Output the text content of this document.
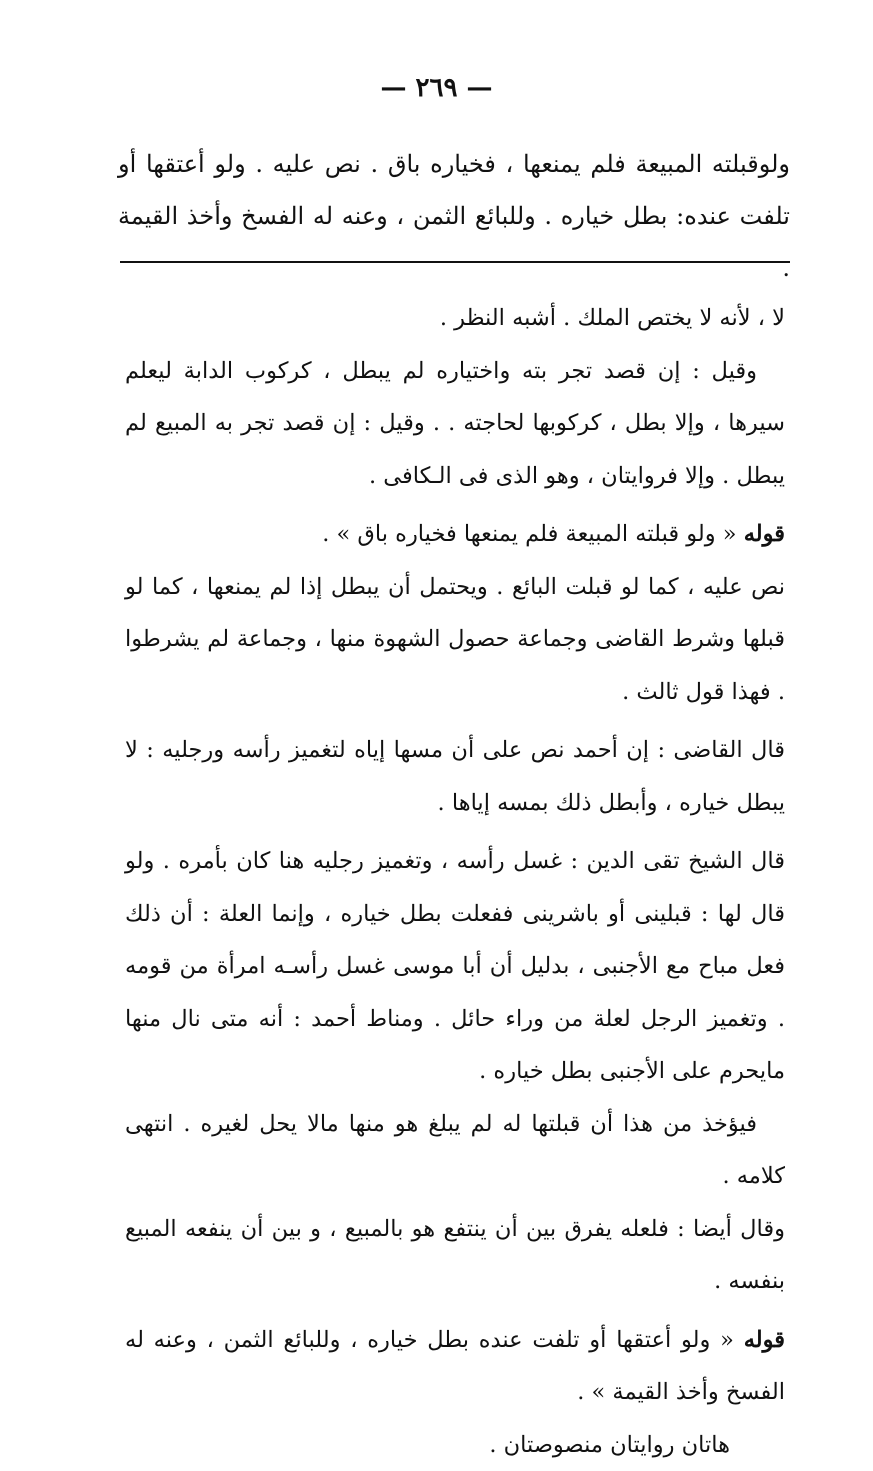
— ٢٦٩ —

ولوقبلته المبيعة فلم يمنعها ، فخياره باق . نص عليه . ولو أعتقها أو تلفت عنده: بطل خياره . وللبائع الثمن ، وعنه له الفسخ وأخذ القيمة .

لا ، لأنه لا يختص الملك . أشبه النظر .

وقيل : إن قصد تجر بته واختياره لم يبطل ، كركوب الدابة ليعلم سيرها ، وإلا بطل ، كركوبها لحاجته . . وقيل : إن قصد تجر به المبيع لم يبطل . وإلا فروايتان ، وهو الذى فى الـكافى .

قوله « ولو قبلته المبيعة فلم يمنعها فخياره باق » .

نص عليه ، كما لو قبلت البائع . ويحتمل أن يبطل إذا لم يمنعها ، كما لو قبلها وشرط القاضى وجماعة حصول الشهوة منها ، وجماعة لم يشرطوا . فهذا قول ثالث .

قال القاضى : إن أحمد نص على أن مسها إياه لتغميز رأسه ورجليه : لا يبطل خياره ، وأبطل ذلك بمسه إياها .

قال الشيخ تقى الدين : غسل رأسه ، وتغميز رجليه هنا كان بأمره . ولو قال لها : قبلينى أو باشرينى ففعلت بطل خياره ، وإنما العلة : أن ذلك فعل مباح مع الأجنبى ، بدليل أن أبا موسى غسل رأسـه امرأة من قومه . وتغميز الرجل لعلة من وراء حائل . ومناط أحمد : أنه متى نال منها مايحرم على الأجنبى بطل خياره .

فيؤخذ من هذا أن قبلتها له لم يبلغ هو منها مالا يحل لغيره . انتهى كلامه .

وقال أيضا : فلعله يفرق بين أن ينتفع هو بالمبيع ، و بين أن ينفعه المبيع بنفسه .

قوله « ولو أعتقها أو تلفت عنده بطل خياره ، وللبائع الثمن ، وعنه له الفسخ وأخذ القيمة » .

هاتان روايتان منصوصتان .
